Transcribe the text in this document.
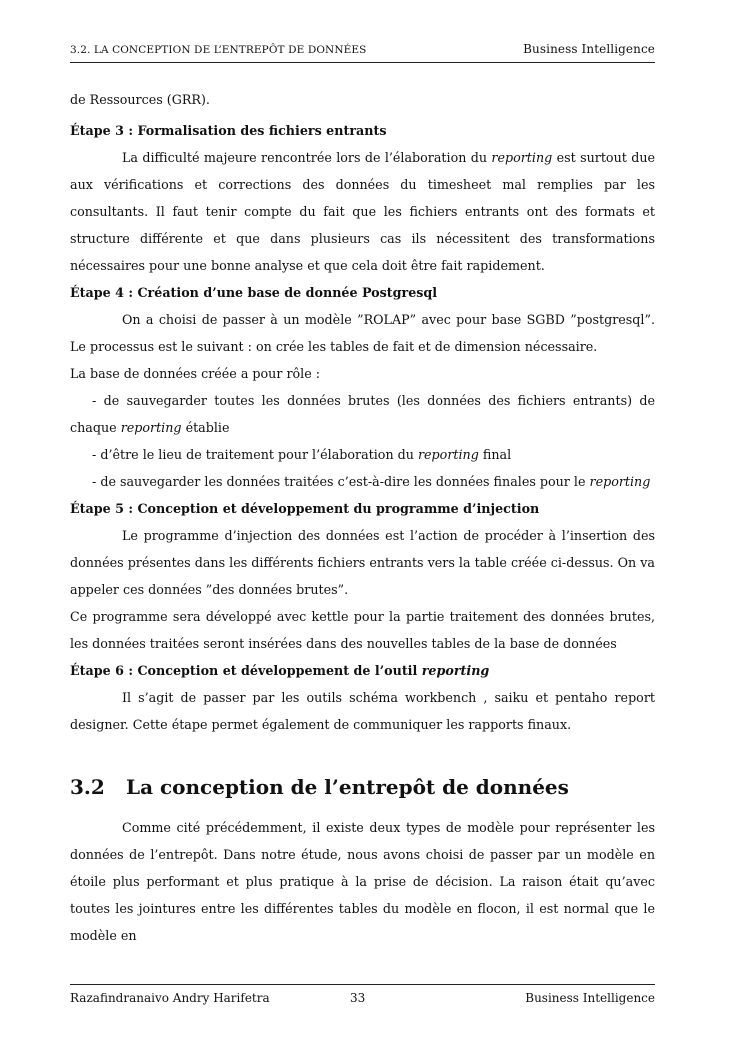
3.2. LA CONCEPTION DE L’ENTREPÔT DE DONNÉES	Business Intelligence

de Ressources (GRR).

Étape 3 : Formalisation des fichiers entrants

La difficulté majeure rencontrée lors de l’élaboration du reporting est surtout due aux vérifications et corrections des données du timesheet mal remplies par les consultants. Il faut tenir compte du fait que les fichiers entrants ont des formats et structure différente et que dans plusieurs cas ils nécessitent des transformations nécessaires pour une bonne analyse et que cela doit être fait rapidement.

Étape 4 : Création d’une base de donnée Postgresql

On a choisi de passer à un modèle ”ROLAP” avec pour base SGBD ”postgresql”. Le processus est le suivant : on crée les tables de fait et de dimension nécessaire.

La base de données créée a pour rôle :

- de sauvegarder toutes les données brutes (les données des fichiers entrants) de chaque reporting établie

- d’être le lieu de traitement pour l’élaboration du reporting final

- de sauvegarder les données traitées c’est-à-dire les données finales pour le reporting

Étape 5 : Conception et développement du programme d’injection

Le programme d’injection des données est l’action de procéder à l’insertion des données présentes dans les différents fichiers entrants vers la table créée ci-dessus. On va appeler ces données ”des données brutes”.

Ce programme sera développé avec kettle pour la partie traitement des données brutes, les données traitées seront insérées dans des nouvelles tables de la base de données

Étape 6 : Conception et développement de l’outil reporting

Il s’agit de passer par les outils schéma workbench , saiku et pentaho report designer. Cette étape permet également de communiquer les rapports finaux.

3.2 La conception de l’entrepôt de données

Comme cité précédemment, il existe deux types de modèle pour représenter les données de l’entrepôt. Dans notre étude, nous avons choisi de passer par un modèle en étoile plus performant et plus pratique à la prise de décision. La raison était qu’avec toutes les jointures entre les différentes tables du modèle en flocon, il est normal que le modèle en

Razafindranaivo Andry Harifetra	33	Business Intelligence
